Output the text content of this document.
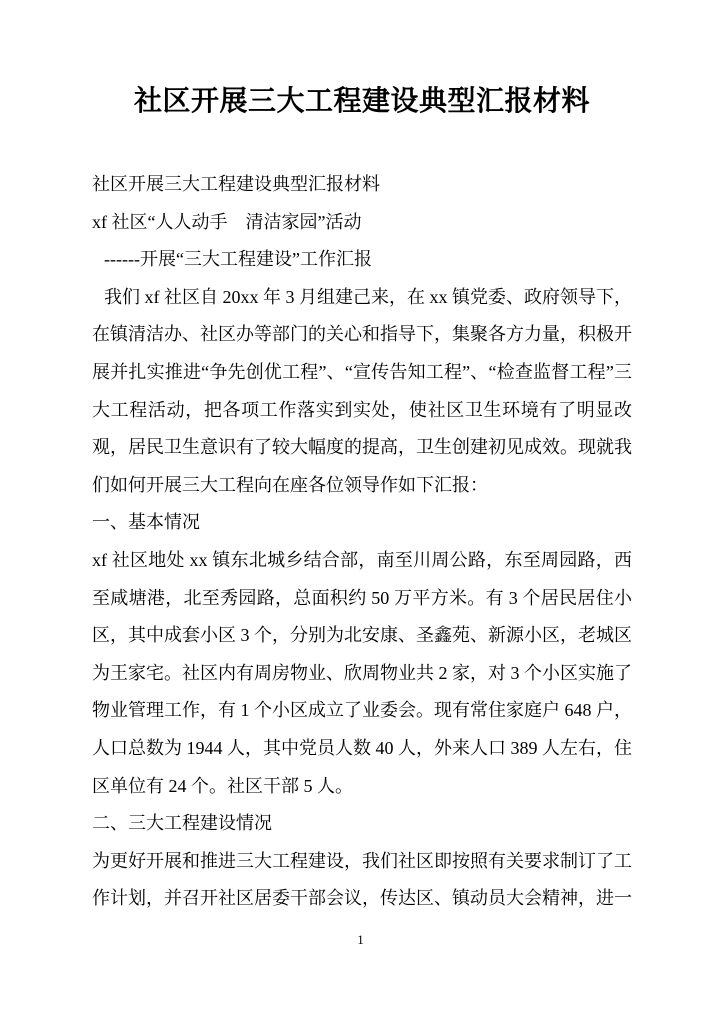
社区开展三大工程建设典型汇报材料

社区开展三大工程建设典型汇报材料

xf 社区“人人动手　清洁家园”活动

------开展“三大工程建设”工作汇报

我们 xf 社区自 20xx 年 3 月组建己来，在 xx 镇党委、政府领导下，在镇清洁办、社区办等部门的关心和指导下，集聚各方力量，积极开展并扎实推进“争先创优工程”、“宣传告知工程”、“检查监督工程”三大工程活动，把各项工作落实到实处，使社区卫生环境有了明显改观，居民卫生意识有了较大幅度的提高，卫生创建初见成效。现就我们如何开展三大工程向在座各位领导作如下汇报：

一、基本情况

xf 社区地处 xx 镇东北城乡结合部，南至川周公路，东至周园路，西至咸塘港，北至秀园路，总面积约 50 万平方米。有 3 个居民居住小区，其中成套小区 3 个，分别为北安康、圣鑫苑、新源小区，老城区为王家宅。社区内有周房物业、欣周物业共 2 家，对 3 个小区实施了物业管理工作，有 1 个小区成立了业委会。现有常住家庭户 648 户，人口总数为 1944 人，其中党员人数 40 人，外来人口 389 人左右，住区单位有 24 个。社区干部 5 人。

二、三大工程建设情况

为更好开展和推进三大工程建设，我们社区即按照有关要求制订了工作计划，并召开社区居委干部会议，传达区、镇动员大会精神，进一

1
